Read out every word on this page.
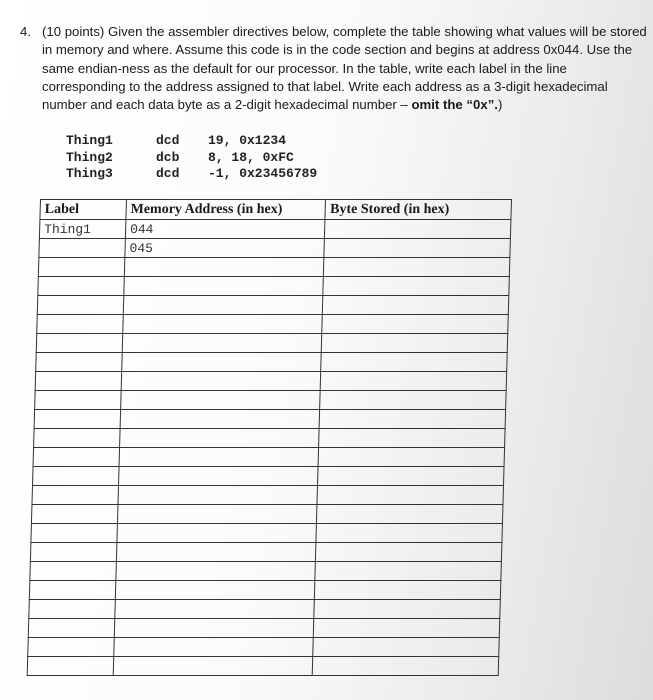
4. (10 points) Given the assembler directives below, complete the table showing what values will be stored in memory and where. Assume this code is in the code section and begins at address 0x044. Use the same endian-ness as the default for our processor. In the table, write each label in the line corresponding to the address assigned to that label. Write each address as a 3-digit hexadecimal number and each data byte as a 2-digit hexadecimal number – omit the “0x”.)
Thing1	dcd 19, 0x1234
Thing2	dcb 8, 18, 0xFC
Thing3	dcd -1, 0x23456789
Label	Memory Address (in hex)	Byte Stored (in hex)
Thing1	044	
	045	
